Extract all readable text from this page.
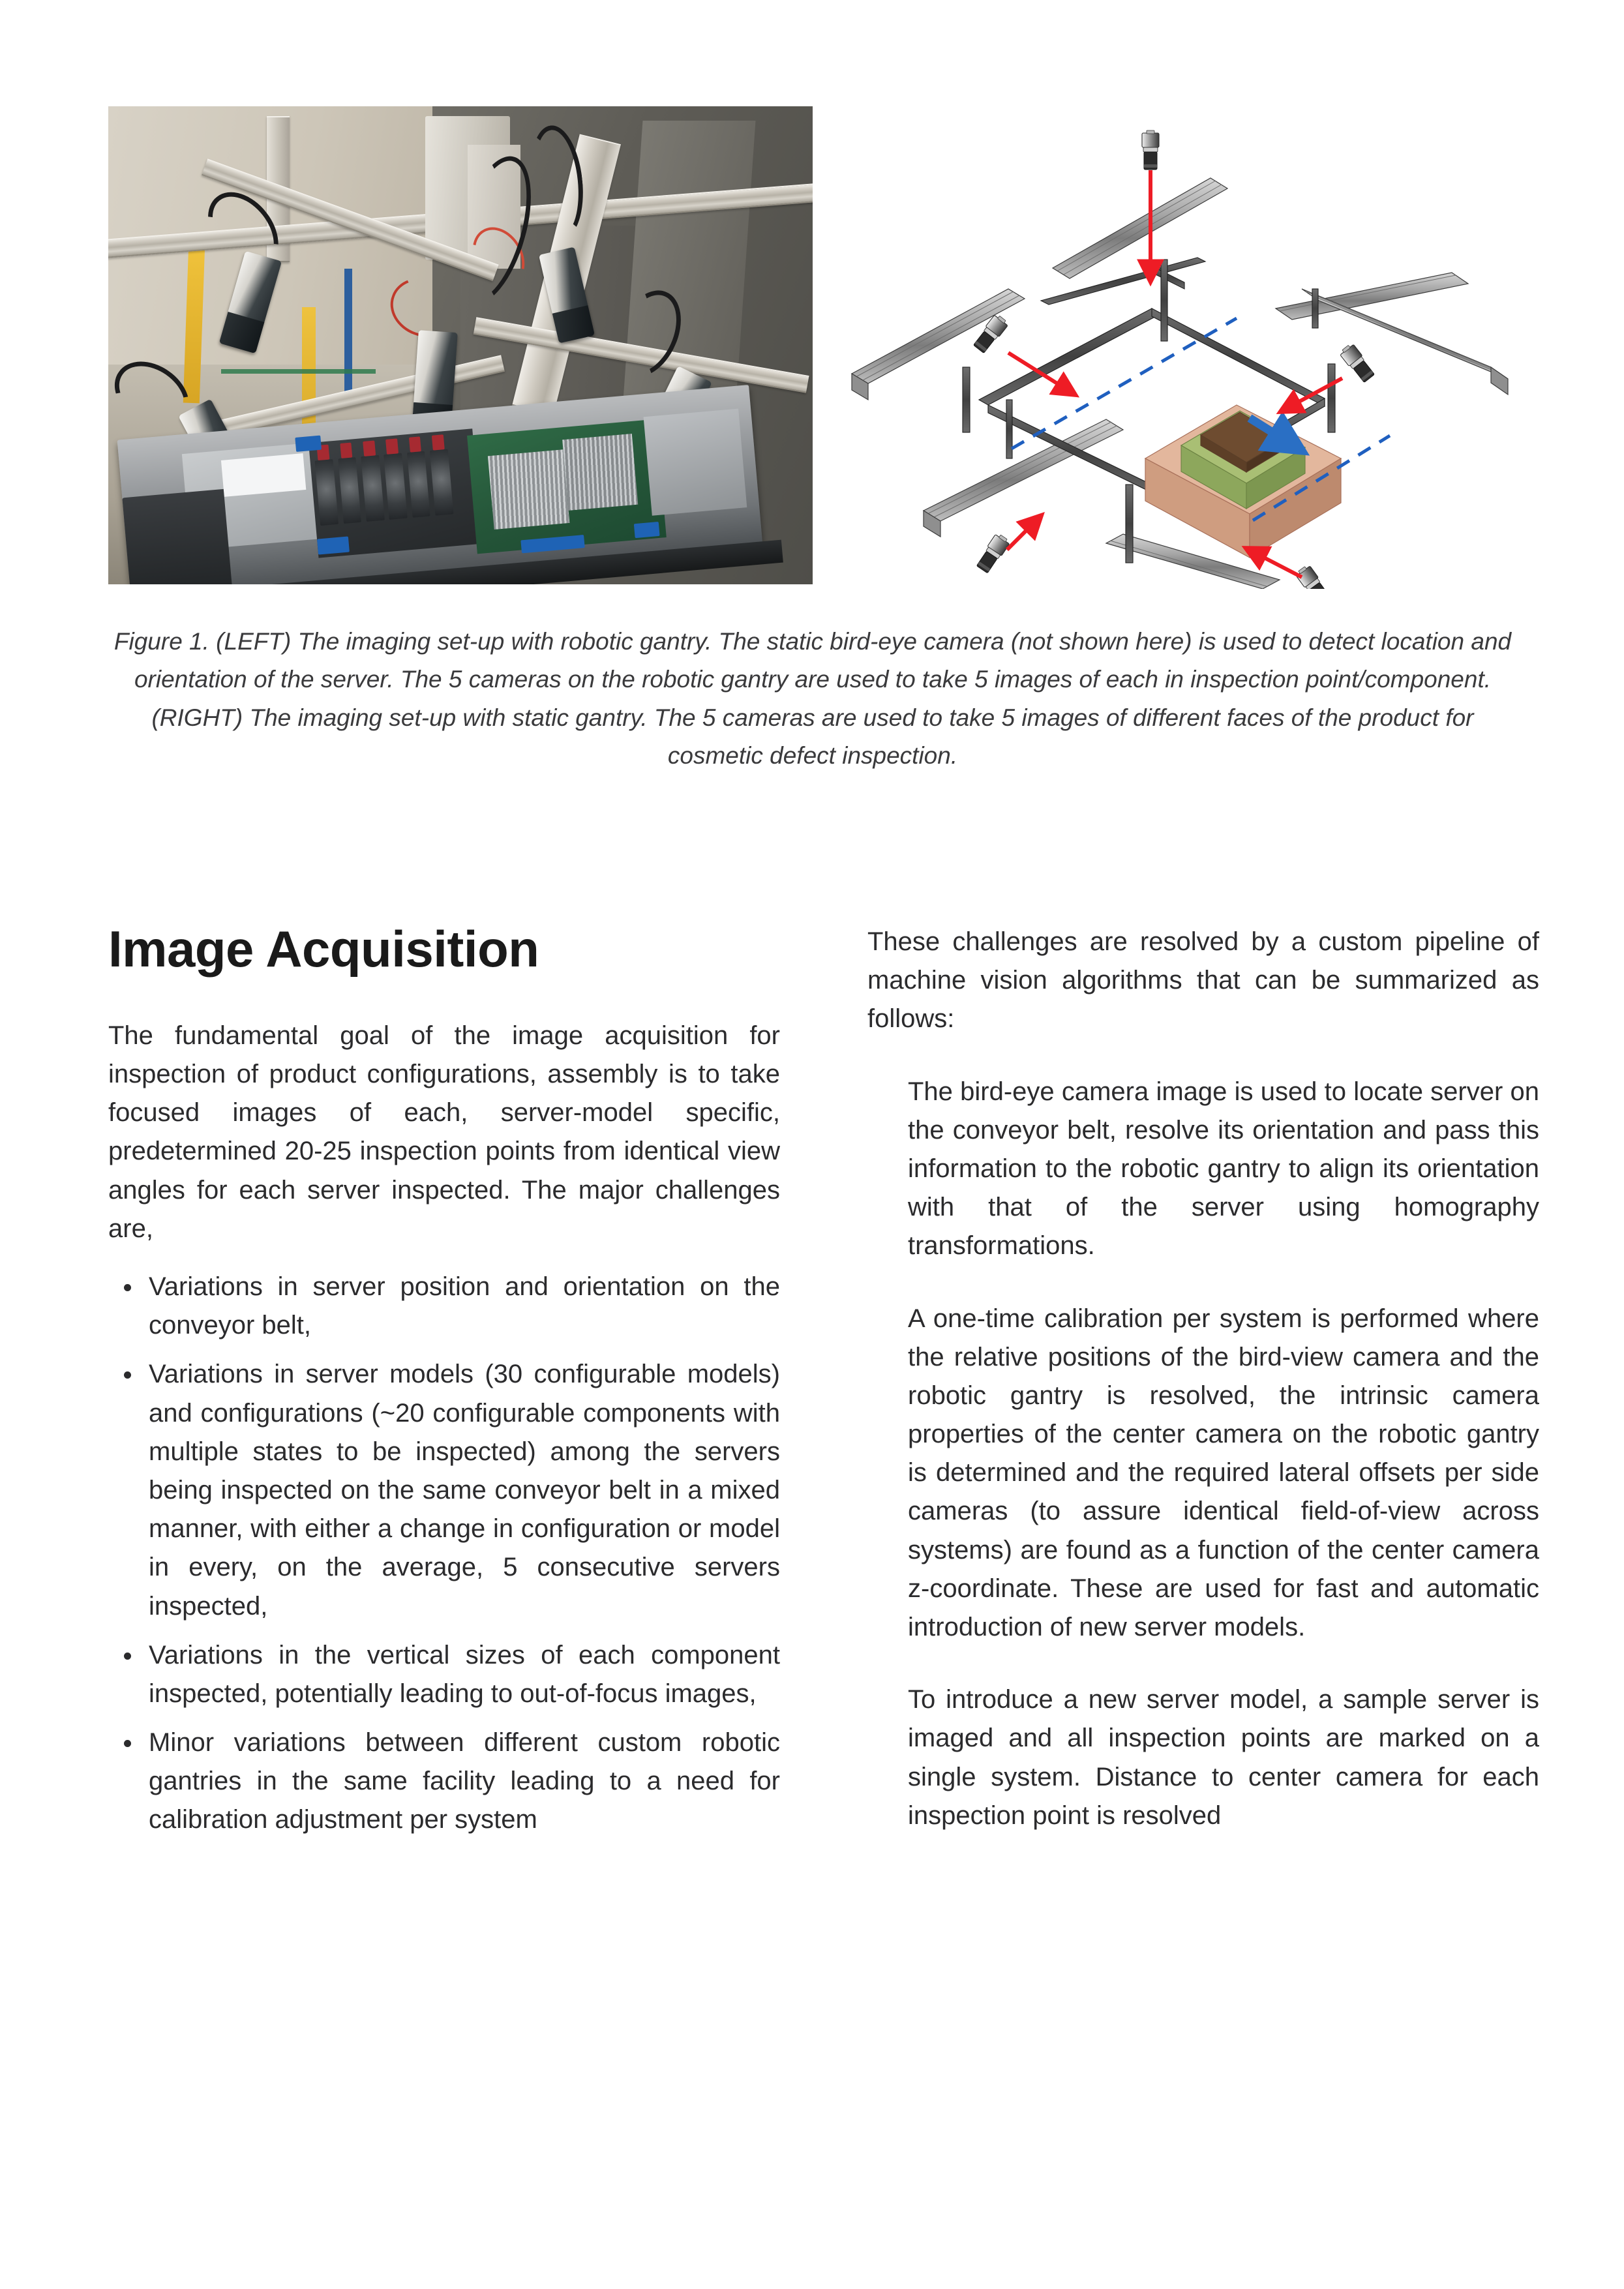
Figure 1. (LEFT) The imaging set-up with robotic gantry. The static bird-eye camera (not shown here) is used to detect location and orientation of the server. The 5 cameras on the robotic gantry are used to take 5 images of each in inspection point/component. (RIGHT) The imaging set-up with static gantry. The 5 cameras are used to take 5 images of different faces of the product for cosmetic defect inspection.
Image Acquisition

The fundamental goal of the image acquisition for inspection of product configurations, assembly is to take focused images of each, server-model specific, predetermined 20-25 inspection points from identical view angles for each server inspected. The major challenges are,

Variations in server position and orientation on the conveyor belt,
Variations in server models (30 configurable models) and configurations (~20 configurable components with multiple states to be inspected) among the servers being inspected on the same conveyor belt in a mixed manner, with either a change in configuration or model in every, on the average, 5 consecutive servers inspected,
Variations in the vertical sizes of each component inspected, potentially leading to out-of-focus images,
Minor variations between different custom robotic gantries in the same facility leading to a need for calibration adjustment per system

These challenges are resolved by a custom pipeline of machine vision algorithms that can be summarized as follows:

The bird-eye camera image is used to locate server on the conveyor belt, resolve its orientation and pass this information to the robotic gantry to align its orientation with that of the server using homography transformations.

A one-time calibration per system is performed where the relative positions of the bird-view camera and the robotic gantry is resolved, the intrinsic camera properties of the center camera on the robotic gantry is determined and the required lateral offsets per side cameras (to assure identical field-of-view across systems) are found as a function of the center camera z-coordinate. These are used for fast and automatic introduction of new server models.

To introduce a new server model, a sample server is imaged and all inspection points are marked on a single system. Distance to center camera for each inspection point is resolved
